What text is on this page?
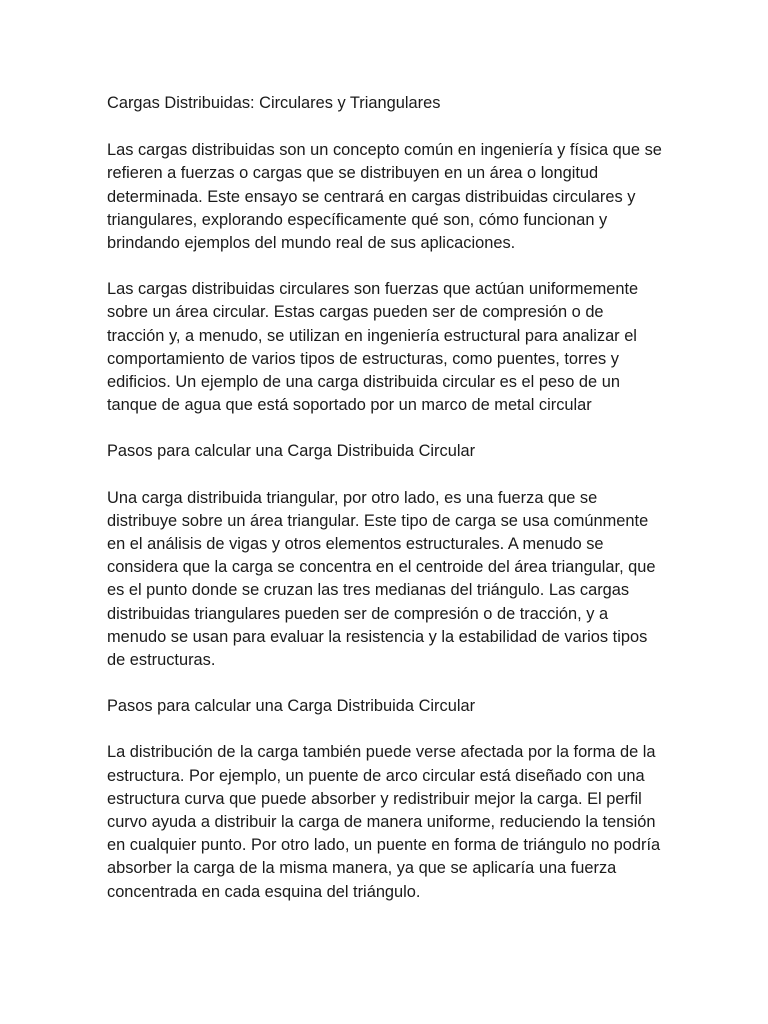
Cargas Distribuidas: Circulares y Triangulares

Las cargas distribuidas son un concepto común en ingeniería y física que se refieren a fuerzas o cargas que se distribuyen en un área o longitud determinada. Este ensayo se centrará en cargas distribuidas circulares y triangulares, explorando específicamente qué son, cómo funcionan y brindando ejemplos del mundo real de sus aplicaciones.

Las cargas distribuidas circulares son fuerzas que actúan uniformemente sobre un área circular. Estas cargas pueden ser de compresión o de tracción y, a menudo, se utilizan en ingeniería estructural para analizar el comportamiento de varios tipos de estructuras, como puentes, torres y edificios. Un ejemplo de una carga distribuida circular es el peso de un tanque de agua que está soportado por un marco de metal circular

Pasos para calcular una Carga Distribuida Circular

Una carga distribuida triangular, por otro lado, es una fuerza que se distribuye sobre un área triangular. Este tipo de carga se usa comúnmente en el análisis de vigas y otros elementos estructurales. A menudo se considera que la carga se concentra en el centroide del área triangular, que es el punto donde se cruzan las tres medianas del triángulo. Las cargas distribuidas triangulares pueden ser de compresión o de tracción, y a menudo se usan para evaluar la resistencia y la estabilidad de varios tipos de estructuras.

Pasos para calcular una Carga Distribuida Circular

La distribución de la carga también puede verse afectada por la forma de la estructura. Por ejemplo, un puente de arco circular está diseñado con una estructura curva que puede absorber y redistribuir mejor la carga. El perfil curvo ayuda a distribuir la carga de manera uniforme, reduciendo la tensión en cualquier punto. Por otro lado, un puente en forma de triángulo no podría absorber la carga de la misma manera, ya que se aplicaría una fuerza concentrada en cada esquina del triángulo.
